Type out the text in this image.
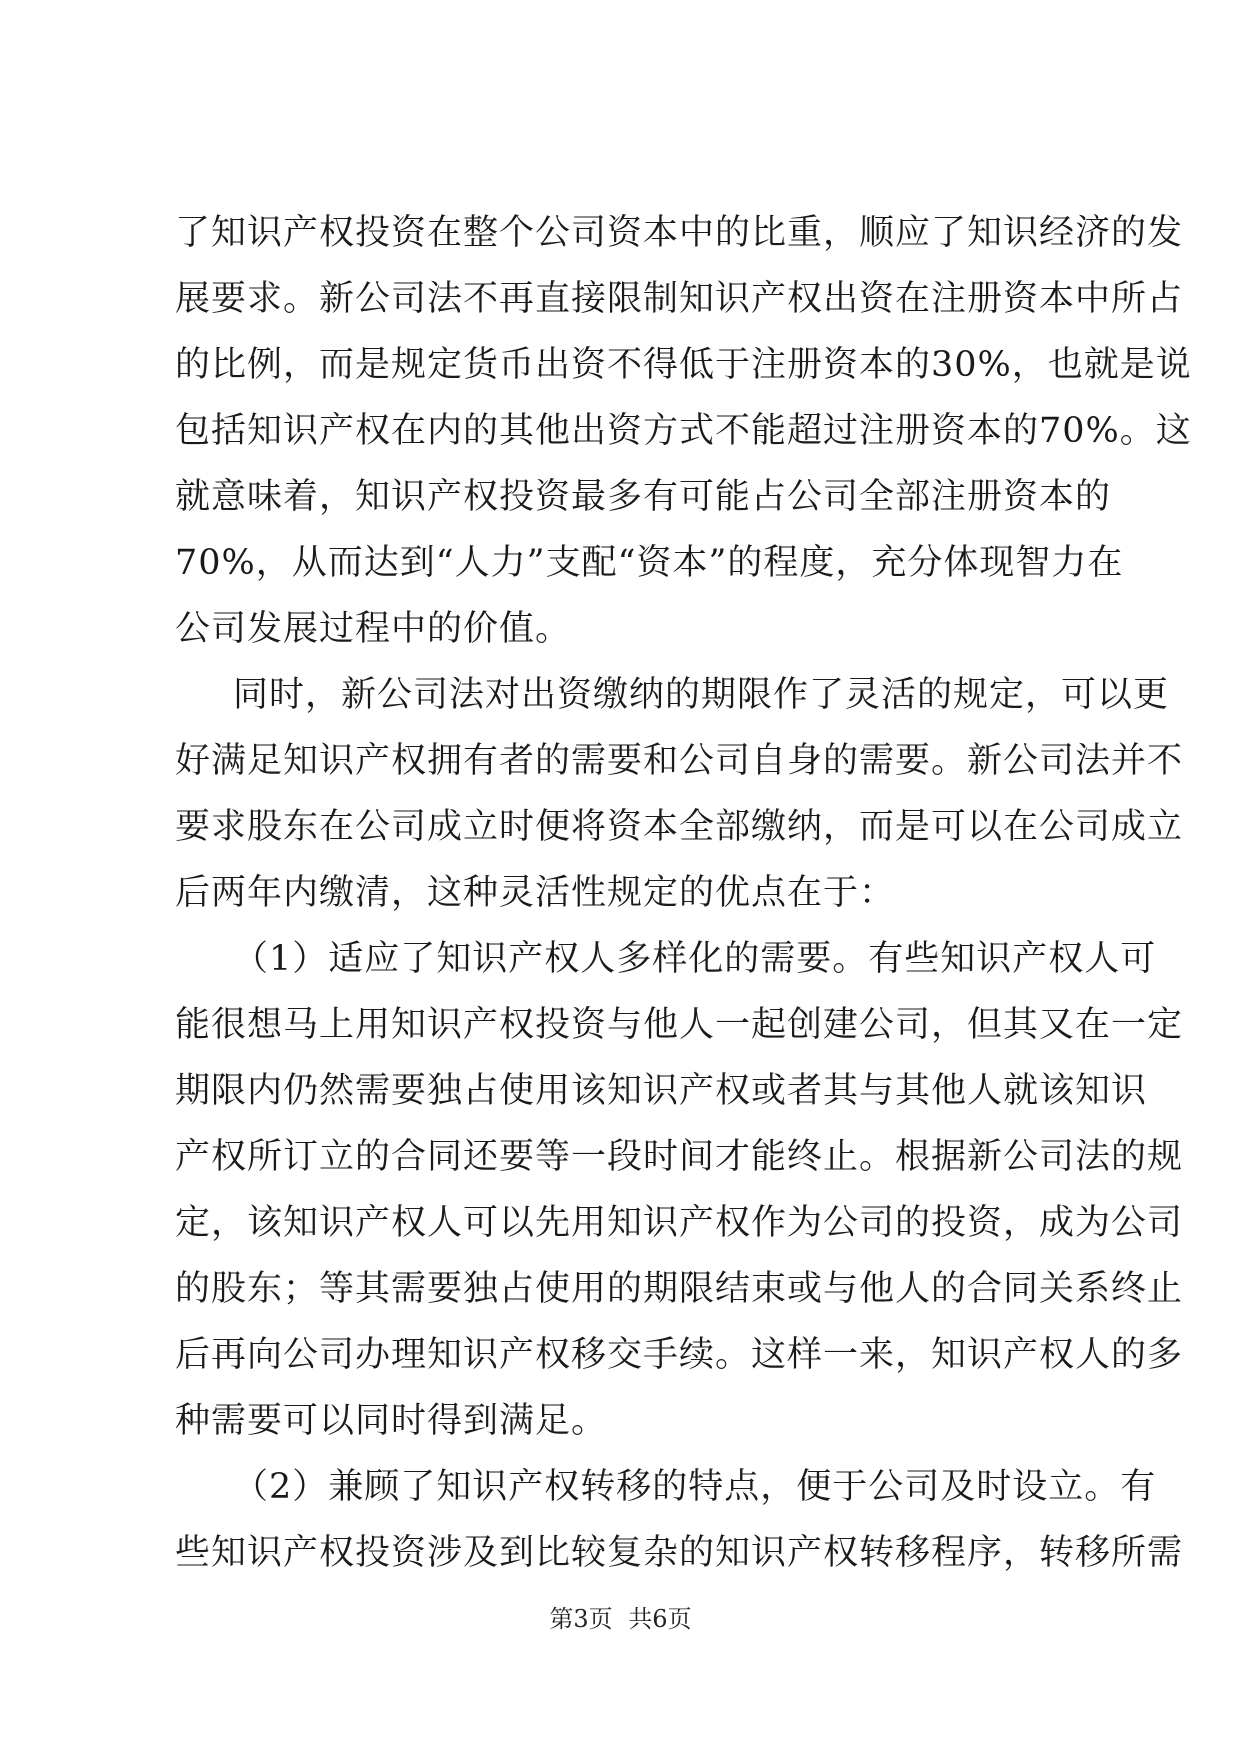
了知识产权投资在整个公司资本中的比重，顺应了知识经济的发
展要求。新公司法不再直接限制知识产权出资在注册资本中所占
的比例，而是规定货币出资不得低于注册资本的30%，也就是说
包括知识产权在内的其他出资方式不能超过注册资本的70%。这
就意味着，知识产权投资最多有可能占公司全部注册资本的
70%，从而达到“人力”支配“资本”的程度，充分体现智力在
公司发展过程中的价值。
同时，新公司法对出资缴纳的期限作了灵活的规定，可以更
好满足知识产权拥有者的需要和公司自身的需要。新公司法并不
要求股东在公司成立时便将资本全部缴纳，而是可以在公司成立
后两年内缴清，这种灵活性规定的优点在于：
（1）适应了知识产权人多样化的需要。有些知识产权人可
能很想马上用知识产权投资与他人一起创建公司，但其又在一定
期限内仍然需要独占使用该知识产权或者其与其他人就该知识
产权所订立的合同还要等一段时间才能终止。根据新公司法的规
定，该知识产权人可以先用知识产权作为公司的投资，成为公司
的股东；等其需要独占使用的期限结束或与他人的合同关系终止
后再向公司办理知识产权移交手续。这样一来，知识产权人的多
种需要可以同时得到满足。
（2）兼顾了知识产权转移的特点，便于公司及时设立。有
些知识产权投资涉及到比较复杂的知识产权转移程序，转移所需
第3页 共6页
